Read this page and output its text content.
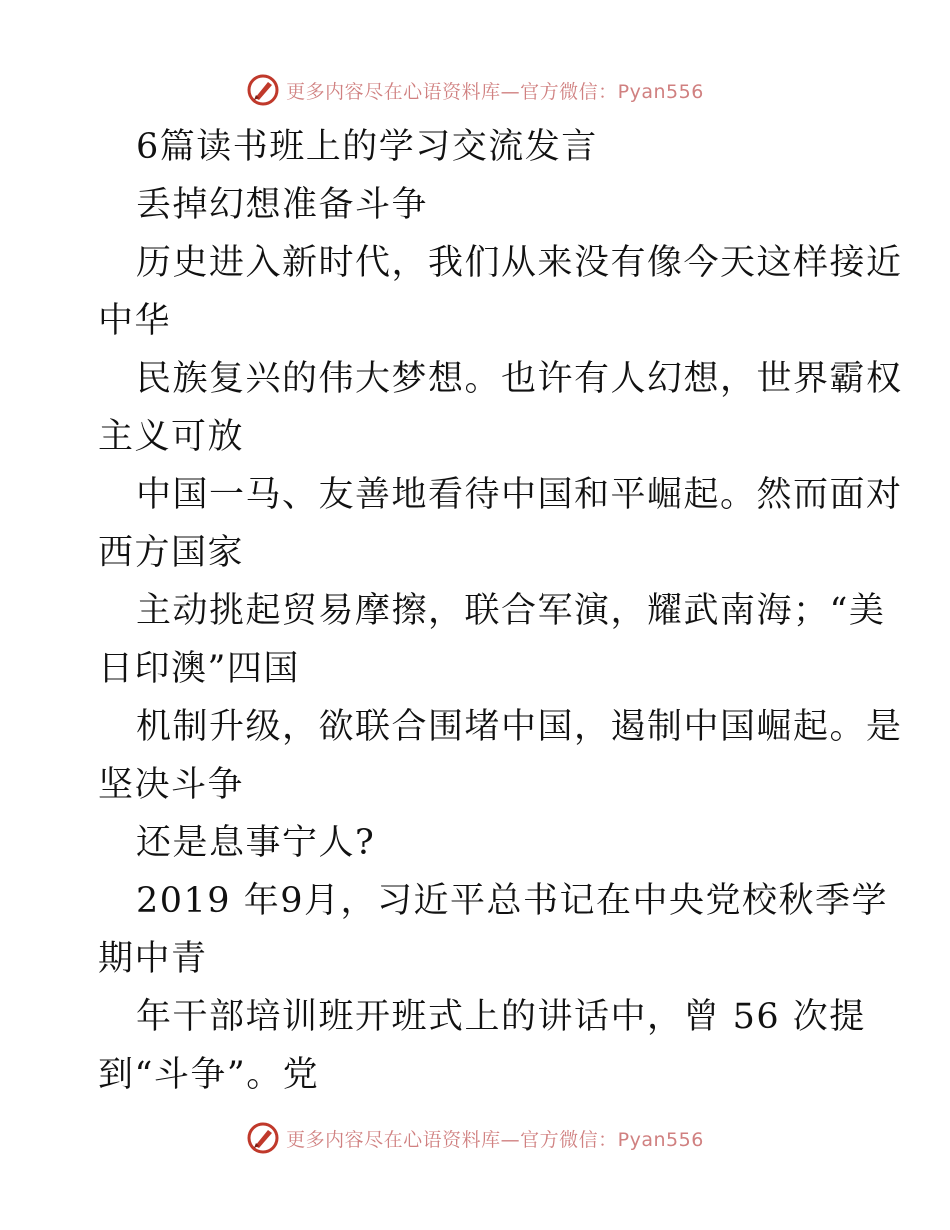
更多内容尽在心语资料库—官方微信：Pyan556
6篇读书班上的学习交流发言
丢掉幻想准备斗争
历史进入新时代，我们从来没有像今天这样接近
中华
民族复兴的伟大梦想。也许有人幻想，世界霸权
主义可放
中国一马、友善地看待中国和平崛起。然而面对
西方国家
主动挑起贸易摩擦，联合军演，耀武南海；“美
日印澳”四国
机制升级，欲联合围堵中国，遏制中国崛起。是
坚决斗争
还是息事宁人?
2019 年9月，习近平总书记在中央党校秋季学
期中青
年干部培训班开班式上的讲话中，曾 56 次提
到“斗争”。党
更多内容尽在心语资料库—官方微信：Pyan556
